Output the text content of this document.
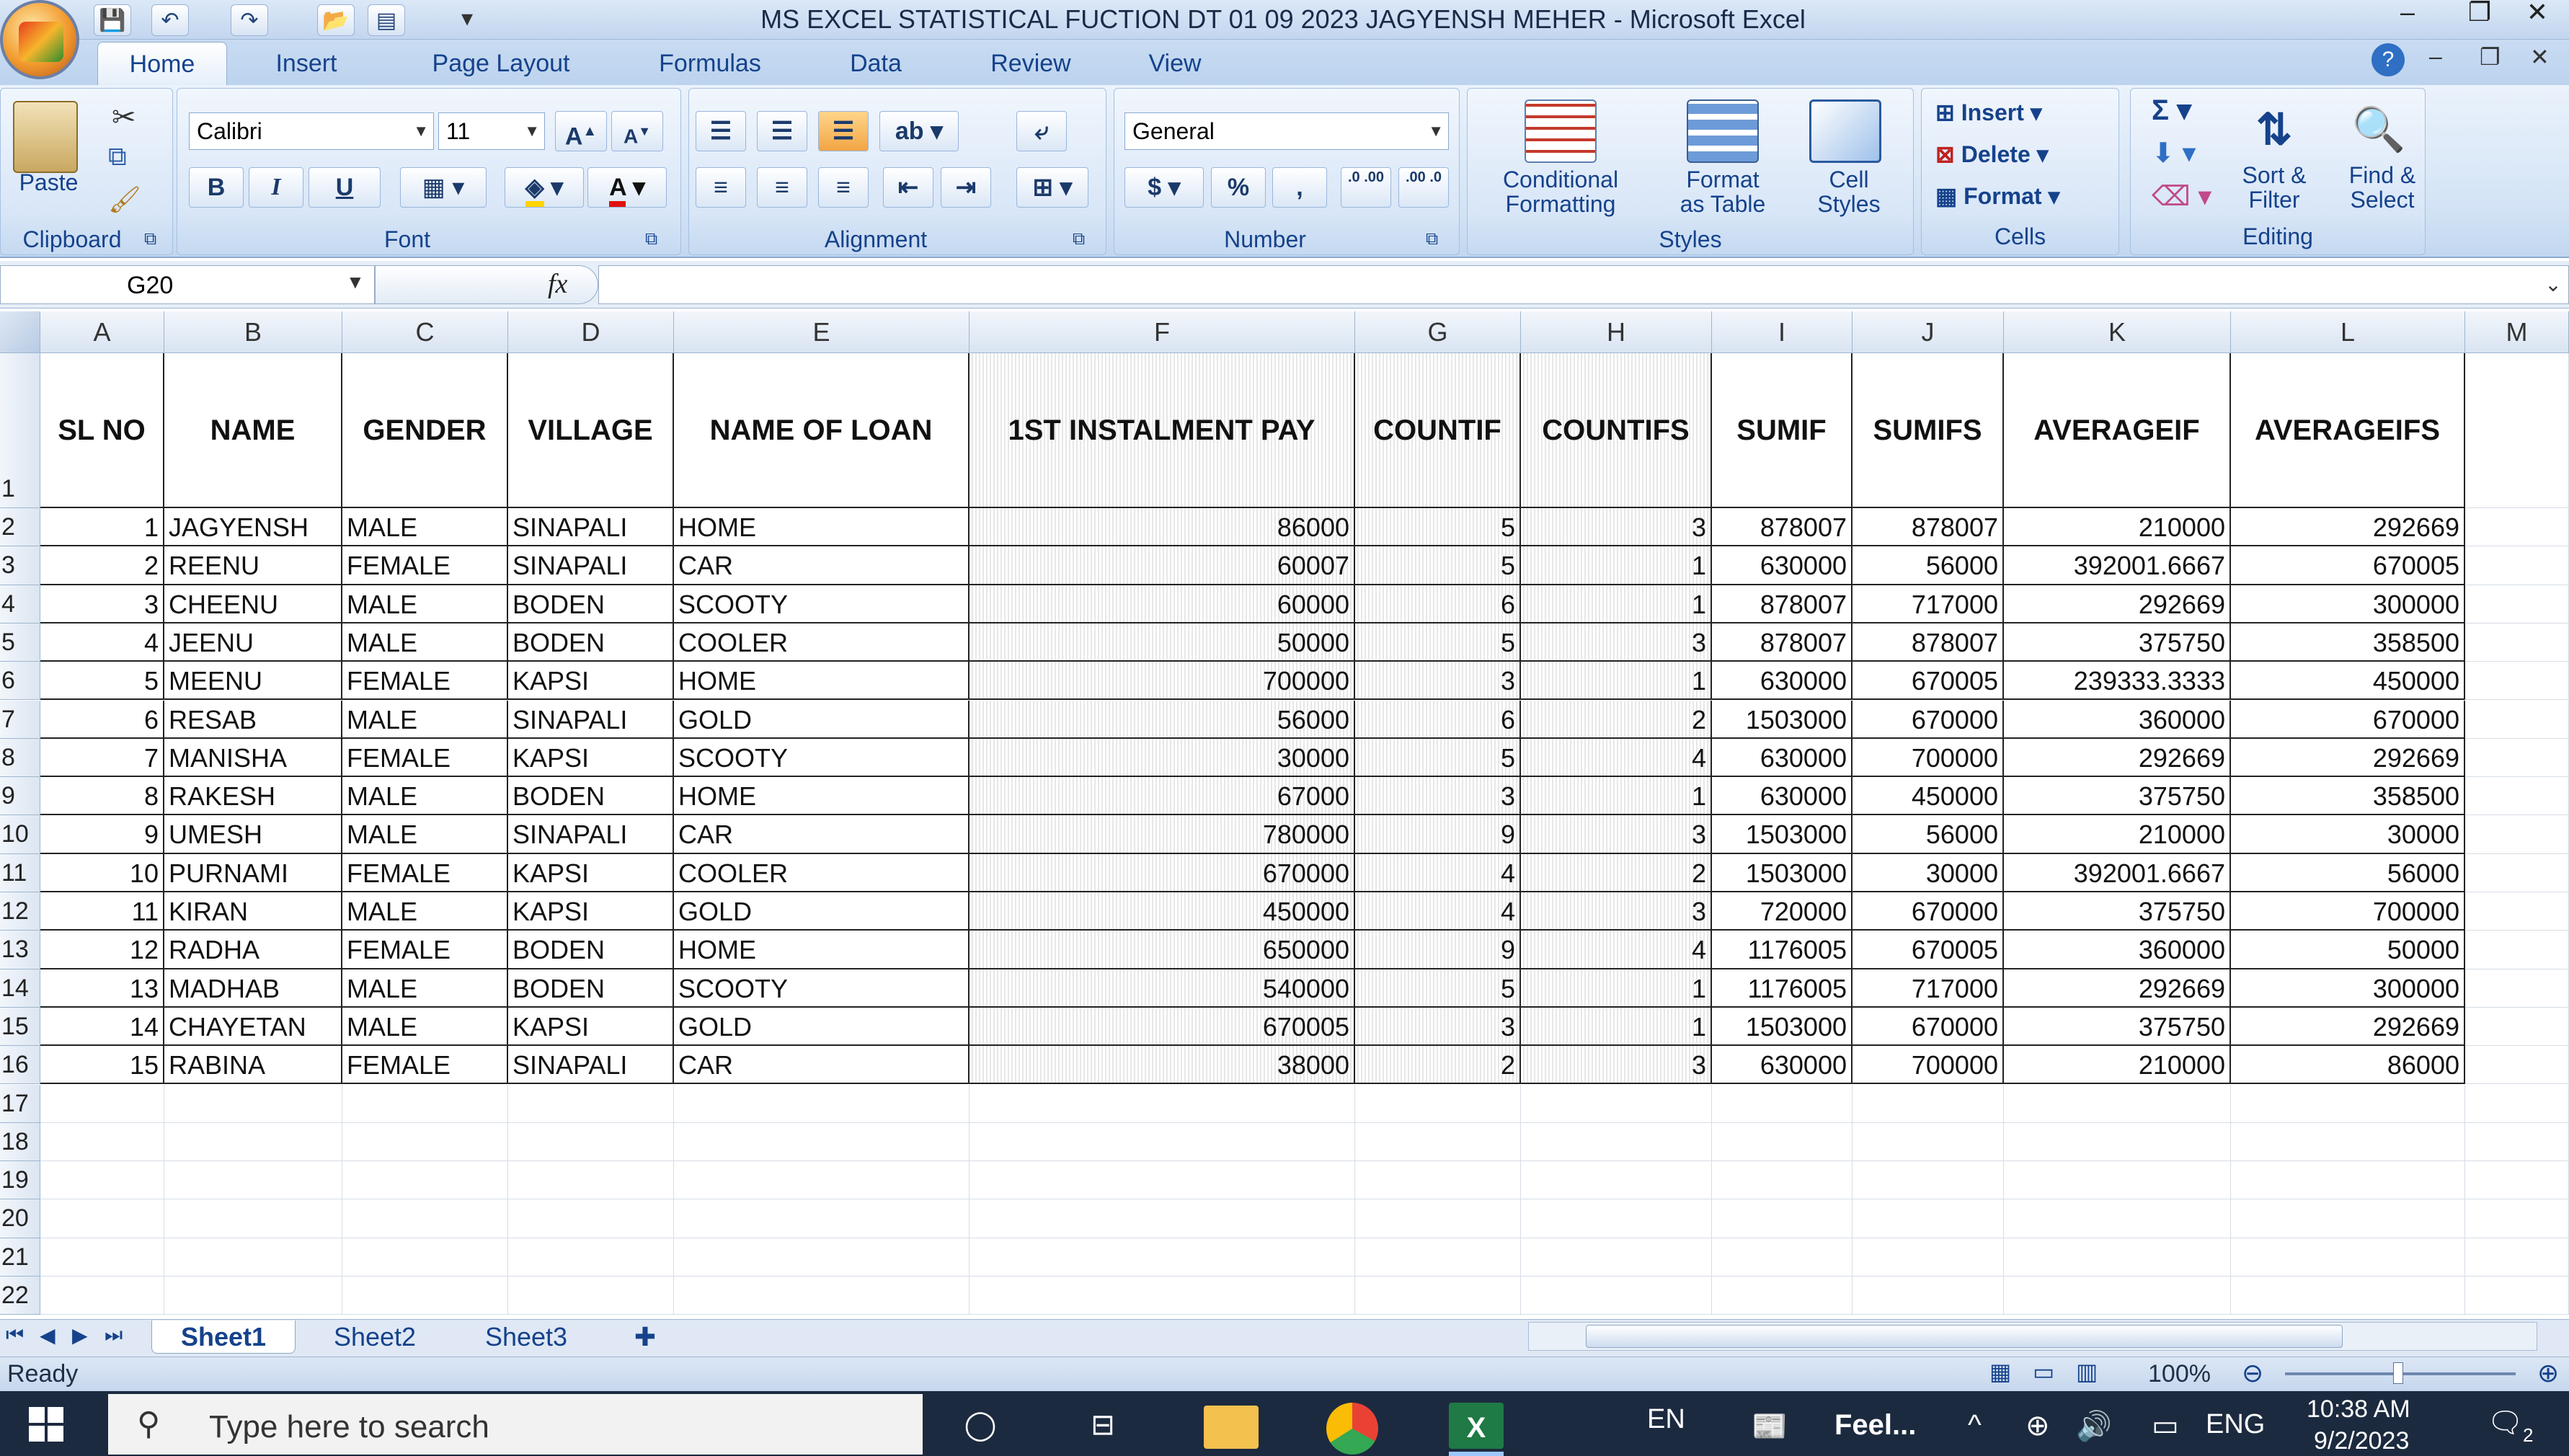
💾	↶	↷	📂	▤	▾	MS EXCEL STATISTICAL FUCTION DT 01 09 2023 JAGYENSH MEHER - Microsoft Excel	–	❐	✕
Home	Insert	Page Layout	Formulas	Data	Review	View	?	– ❐ ✕
Paste
✂
⧉
🖌
Clipboard	⧉
Calibri	▼ 11	▼	A▲	A▼
B	I	U	▦ ▾	◈ ▾	A ▾
Font	⧉
☰	☰	☰	ab ▾	⤶
≡	≡	≡	⇤	⇥	⊞ ▾
Alignment	⧉
General	▼
$ ▾	%	,	.0 .00	.00 .0
Number	⧉
Conditional
Formatting
Format
as Table
Cell
Styles
Styles
⊞ Insert ▾
⊠ Delete ▾
▦ Format ▾
Cells
Σ ▾
⬇ ▾
⌫ ▾
⇅
Sort &
Filter
🔍
Find &
Select
Editing
G20	▼	fx	⌄
A	B	C	D	E	F	G	H	I	J	K	L	M
1
2
3
4
5
6
7
8
9
10
11
12
13
14
15
16
17
18
19
20
21
22
SL NO	NAME	GENDER	VILLAGE	NAME OF LOAN	1ST INSTALMENT PAY	COUNTIF	COUNTIFS	SUMIF	SUMIFS	AVERAGEIF	AVERAGEIFS
1 JAGYENSH	MALE	SINAPALI	HOME	86000	5	3	878007	878007	210000	292669
2 REENU	FEMALE	SINAPALI	CAR	60007	5	1	630000	56000	392001.6667	670005
3 CHEENU	MALE	BODEN	SCOOTY	60000	6	1	878007	717000	292669	300000
4 JEENU	MALE	BODEN	COOLER	50000	5	3	878007	878007	375750	358500
5 MEENU	FEMALE	KAPSI	HOME	700000	3	1	630000	670005	239333.3333	450000
6 RESAB	MALE	SINAPALI	GOLD	56000	6	2	1503000	670000	360000	670000
7 MANISHA	FEMALE	KAPSI	SCOOTY	30000	5	4	630000	700000	292669	292669
8 RAKESH	MALE	BODEN	HOME	67000	3	1	630000	450000	375750	358500
9 UMESH	MALE	SINAPALI	CAR	780000	9	3	1503000	56000	210000	30000
10 PURNAMI	FEMALE	KAPSI	COOLER	670000	4	2	1503000	30000	392001.6667	56000
11 KIRAN	MALE	KAPSI	GOLD	450000	4	3	720000	670000	375750	700000
12 RADHA	FEMALE	BODEN	HOME	650000	9	4	1176005	670005	360000	50000
13 MADHAB	MALE	BODEN	SCOOTY	540000	5	1	1176005	717000	292669	300000
14 CHAYETAN	MALE	KAPSI	GOLD	670005	3	1	1503000	670000	375750	292669
15 RABINA	FEMALE	SINAPALI	CAR	38000	2	3	630000	700000	210000	86000
⏮ ◀ ▶ ⏭	Sheet1	Sheet2	Sheet3	✚
Ready	▦ ▭ ▥ 100% ⊖	⊕
⚲ Type here to search	◯	⊟	X	EN 📰 Feel... ^ ⊕ 🔊 ▭ ENG 10:38 AM
9/2/2023
🗨 2
